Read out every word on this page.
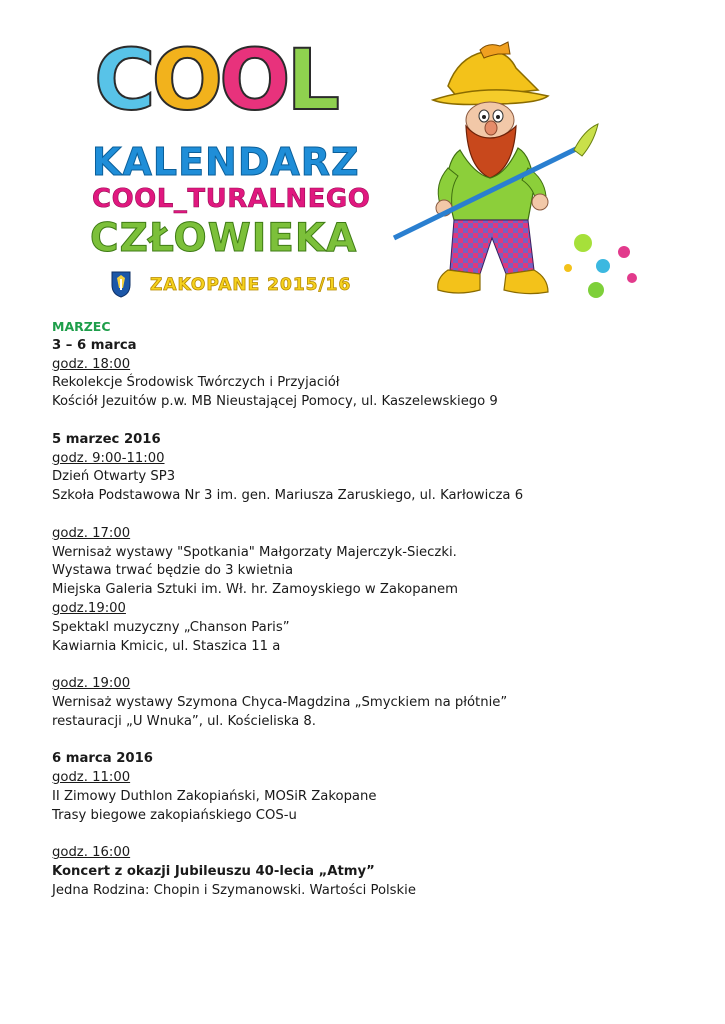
COOL
KALENDARZ
COOL_TURALNEGO
CZŁOWIEKA
ZAKOPANE 2015/16
MARZEC
3 – 6 marca
godz. 18:00
Rekolekcje Środowisk Twórczych i Przyjaciół
Kościół Jezuitów p.w. MB Nieustającej Pomocy, ul. Kaszelewskiego 9
5 marzec 2016
godz. 9:00-11:00
Dzień Otwarty SP3
Szkoła Podstawowa Nr 3 im. gen. Mariusza Zaruskiego, ul. Karłowicza 6
godz. 17:00
Wernisaż wystawy "Spotkania" Małgorzaty Majerczyk-Sieczki.
Wystawa trwać będzie do 3 kwietnia
Miejska Galeria Sztuki im. Wł. hr. Zamoyskiego w Zakopanem
godz.19:00
Spektakl muzyczny „Chanson Paris”
Kawiarnia Kmicic, ul. Staszica 11 a
godz. 19:00
Wernisaż wystawy Szymona Chyca-Magdzina „Smyckiem na płótnie”
restauracji „U Wnuka”, ul. Kościeliska 8.
6 marca 2016
godz. 11:00
II Zimowy Duthlon Zakopiański, MOSiR Zakopane
Trasy biegowe zakopiańskiego COS-u
godz. 16:00
Koncert z okazji Jubileuszu 40-lecia „Atmy”
Jedna Rodzina: Chopin i Szymanowski. Wartości Polskie
